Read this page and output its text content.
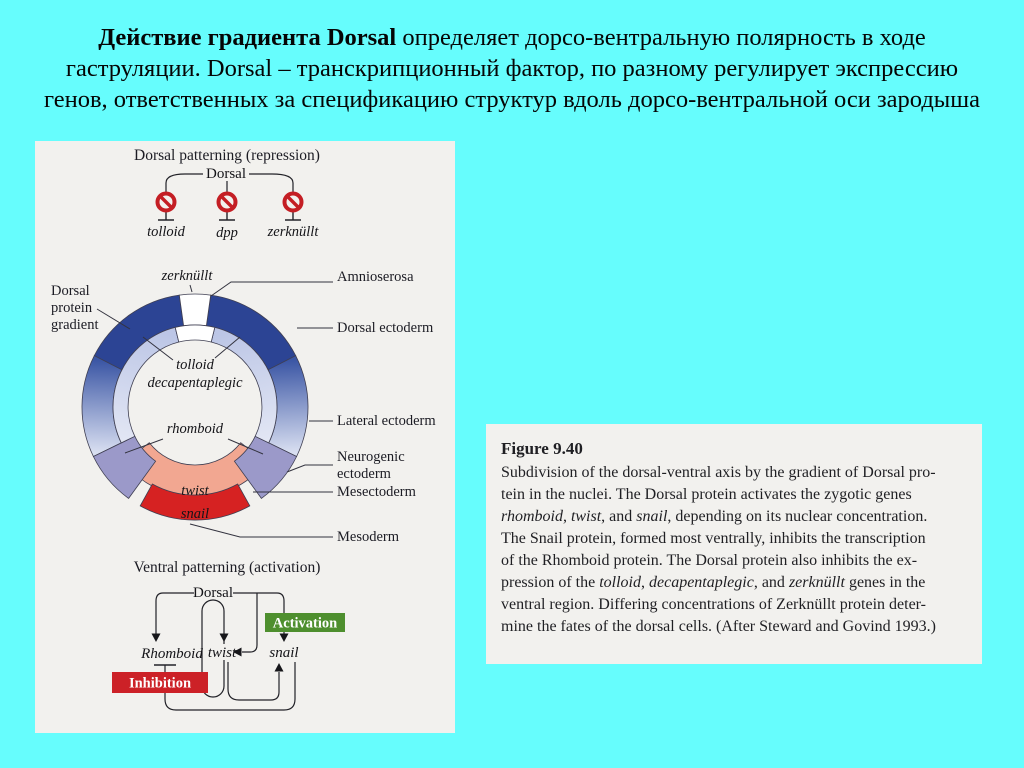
Действие градиента Dorsal определяет дорсо-вентральную полярность в ходе гаструляции. Dorsal – транскрипционный фактор, по разному регулирует экспрессию генов, ответственных за спецификацию структур вдоль дорсо-вентральной оси зародыша
Dorsal patterning (repression)
Dorsal
tolloid dpp zerknüllt
zerknüllt
tolloid
decapentaplegic
rhomboid
twist
snail
Activation
Inhibition
Ventral patterning (activation)
Dorsal
Rhomboid twist snail
Dorsal protein gradient
Amnioserosa
Dorsal ectoderm
Lateral ectoderm
Neurogenic ectoderm
Mesectoderm
Mesoderm
Figure 9.40
Subdivision of the dorsal-ventral axis by the gradient of Dorsal pro-
tein in the nuclei. The Dorsal protein activates the zygotic genes
rhomboid, twist, and snail, depending on its nuclear concentration.
The Snail protein, formed most ventrally, inhibits the transcription
of the Rhomboid protein. The Dorsal protein also inhibits the ex-
pression of the tolloid, decapentaplegic, and zerknüllt genes in the
ventral region. Differing concentrations of Zerknüllt protein deter-
mine the fates of the dorsal cells. (After Steward and Govind 1993.)
